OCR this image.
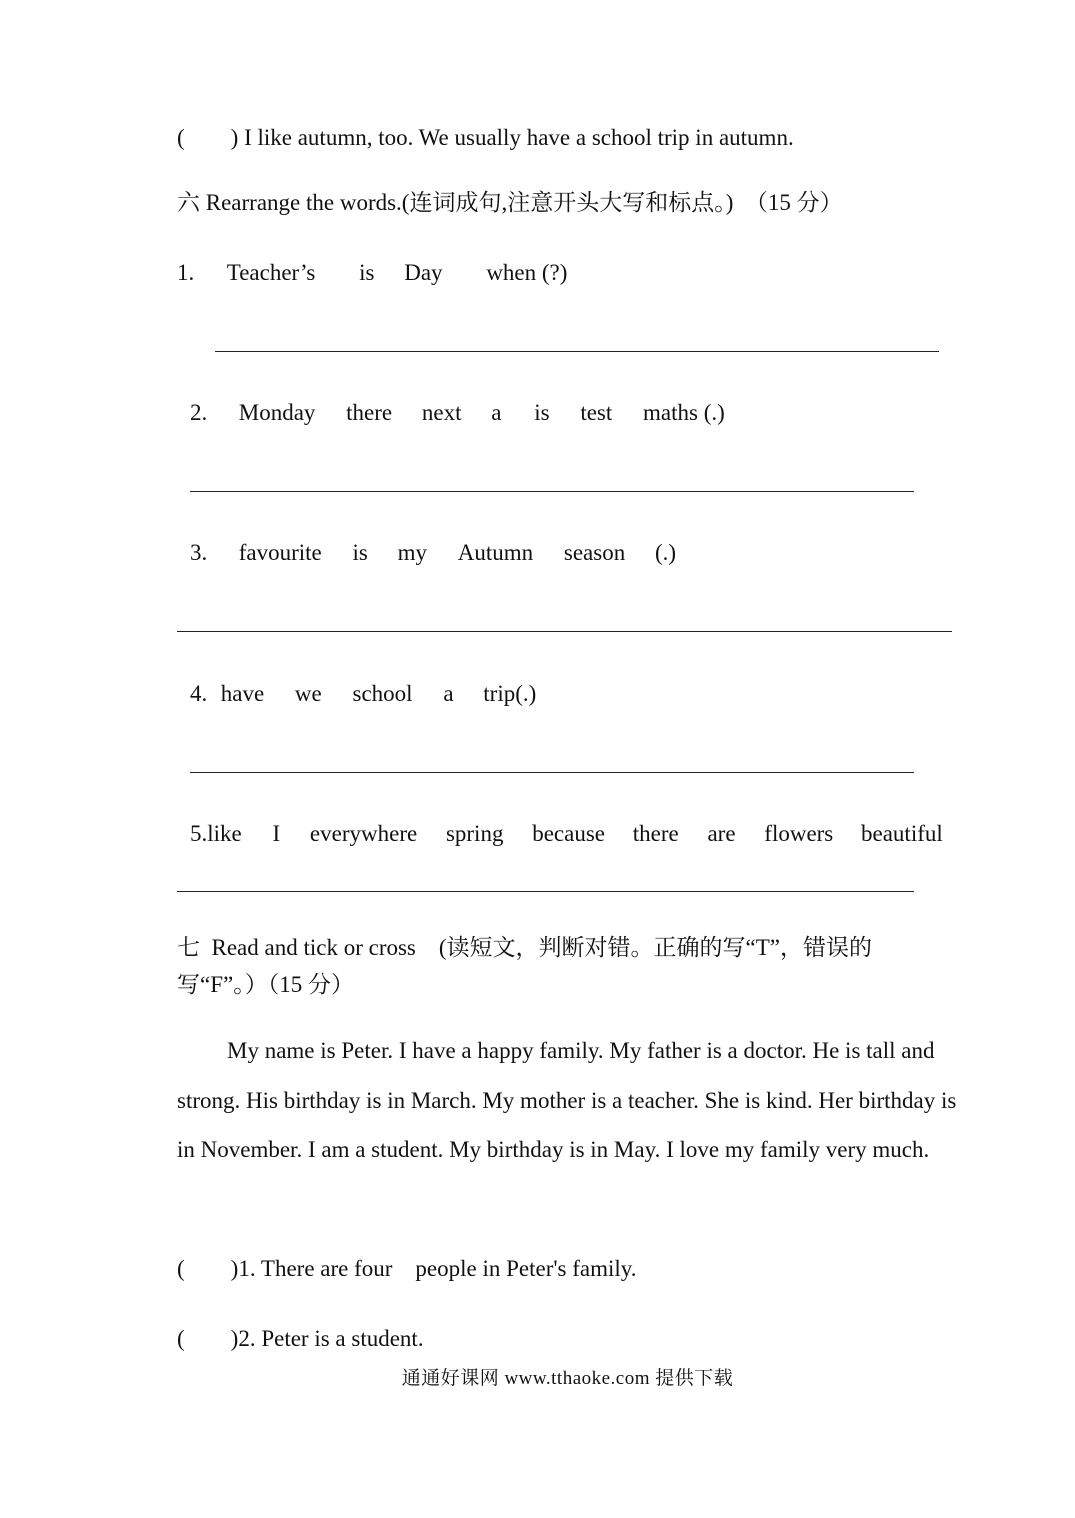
(        ) I like autumn, too. We usually have a school trip in autumn.
六 Rearrange the words.(连词成句,注意开头大写和标点。)  （15 分）
1. Teacher’s is Day when (?)
2. Monday there next a is test maths (.)
3. favourite is my Autumn season (.)
4. have we school a trip(.)
5.like I everywhere spring because there are flowers beautiful
七  Read and tick or cross    (读短文，判断对错。正确的写“T”，错误的
写“F”。）（15 分）
My name is Peter. I have a happy family. My father is a doctor. He is tall and strong. His birthday is in March. My mother is a teacher. She is kind. Her birthday is in November. I am a student. My birthday is in May. I love my family very much.
(        )1. There are four    people in Peter's family.
(        )2. Peter is a student.
通通好课网 www.tthaoke.com 提供下载
